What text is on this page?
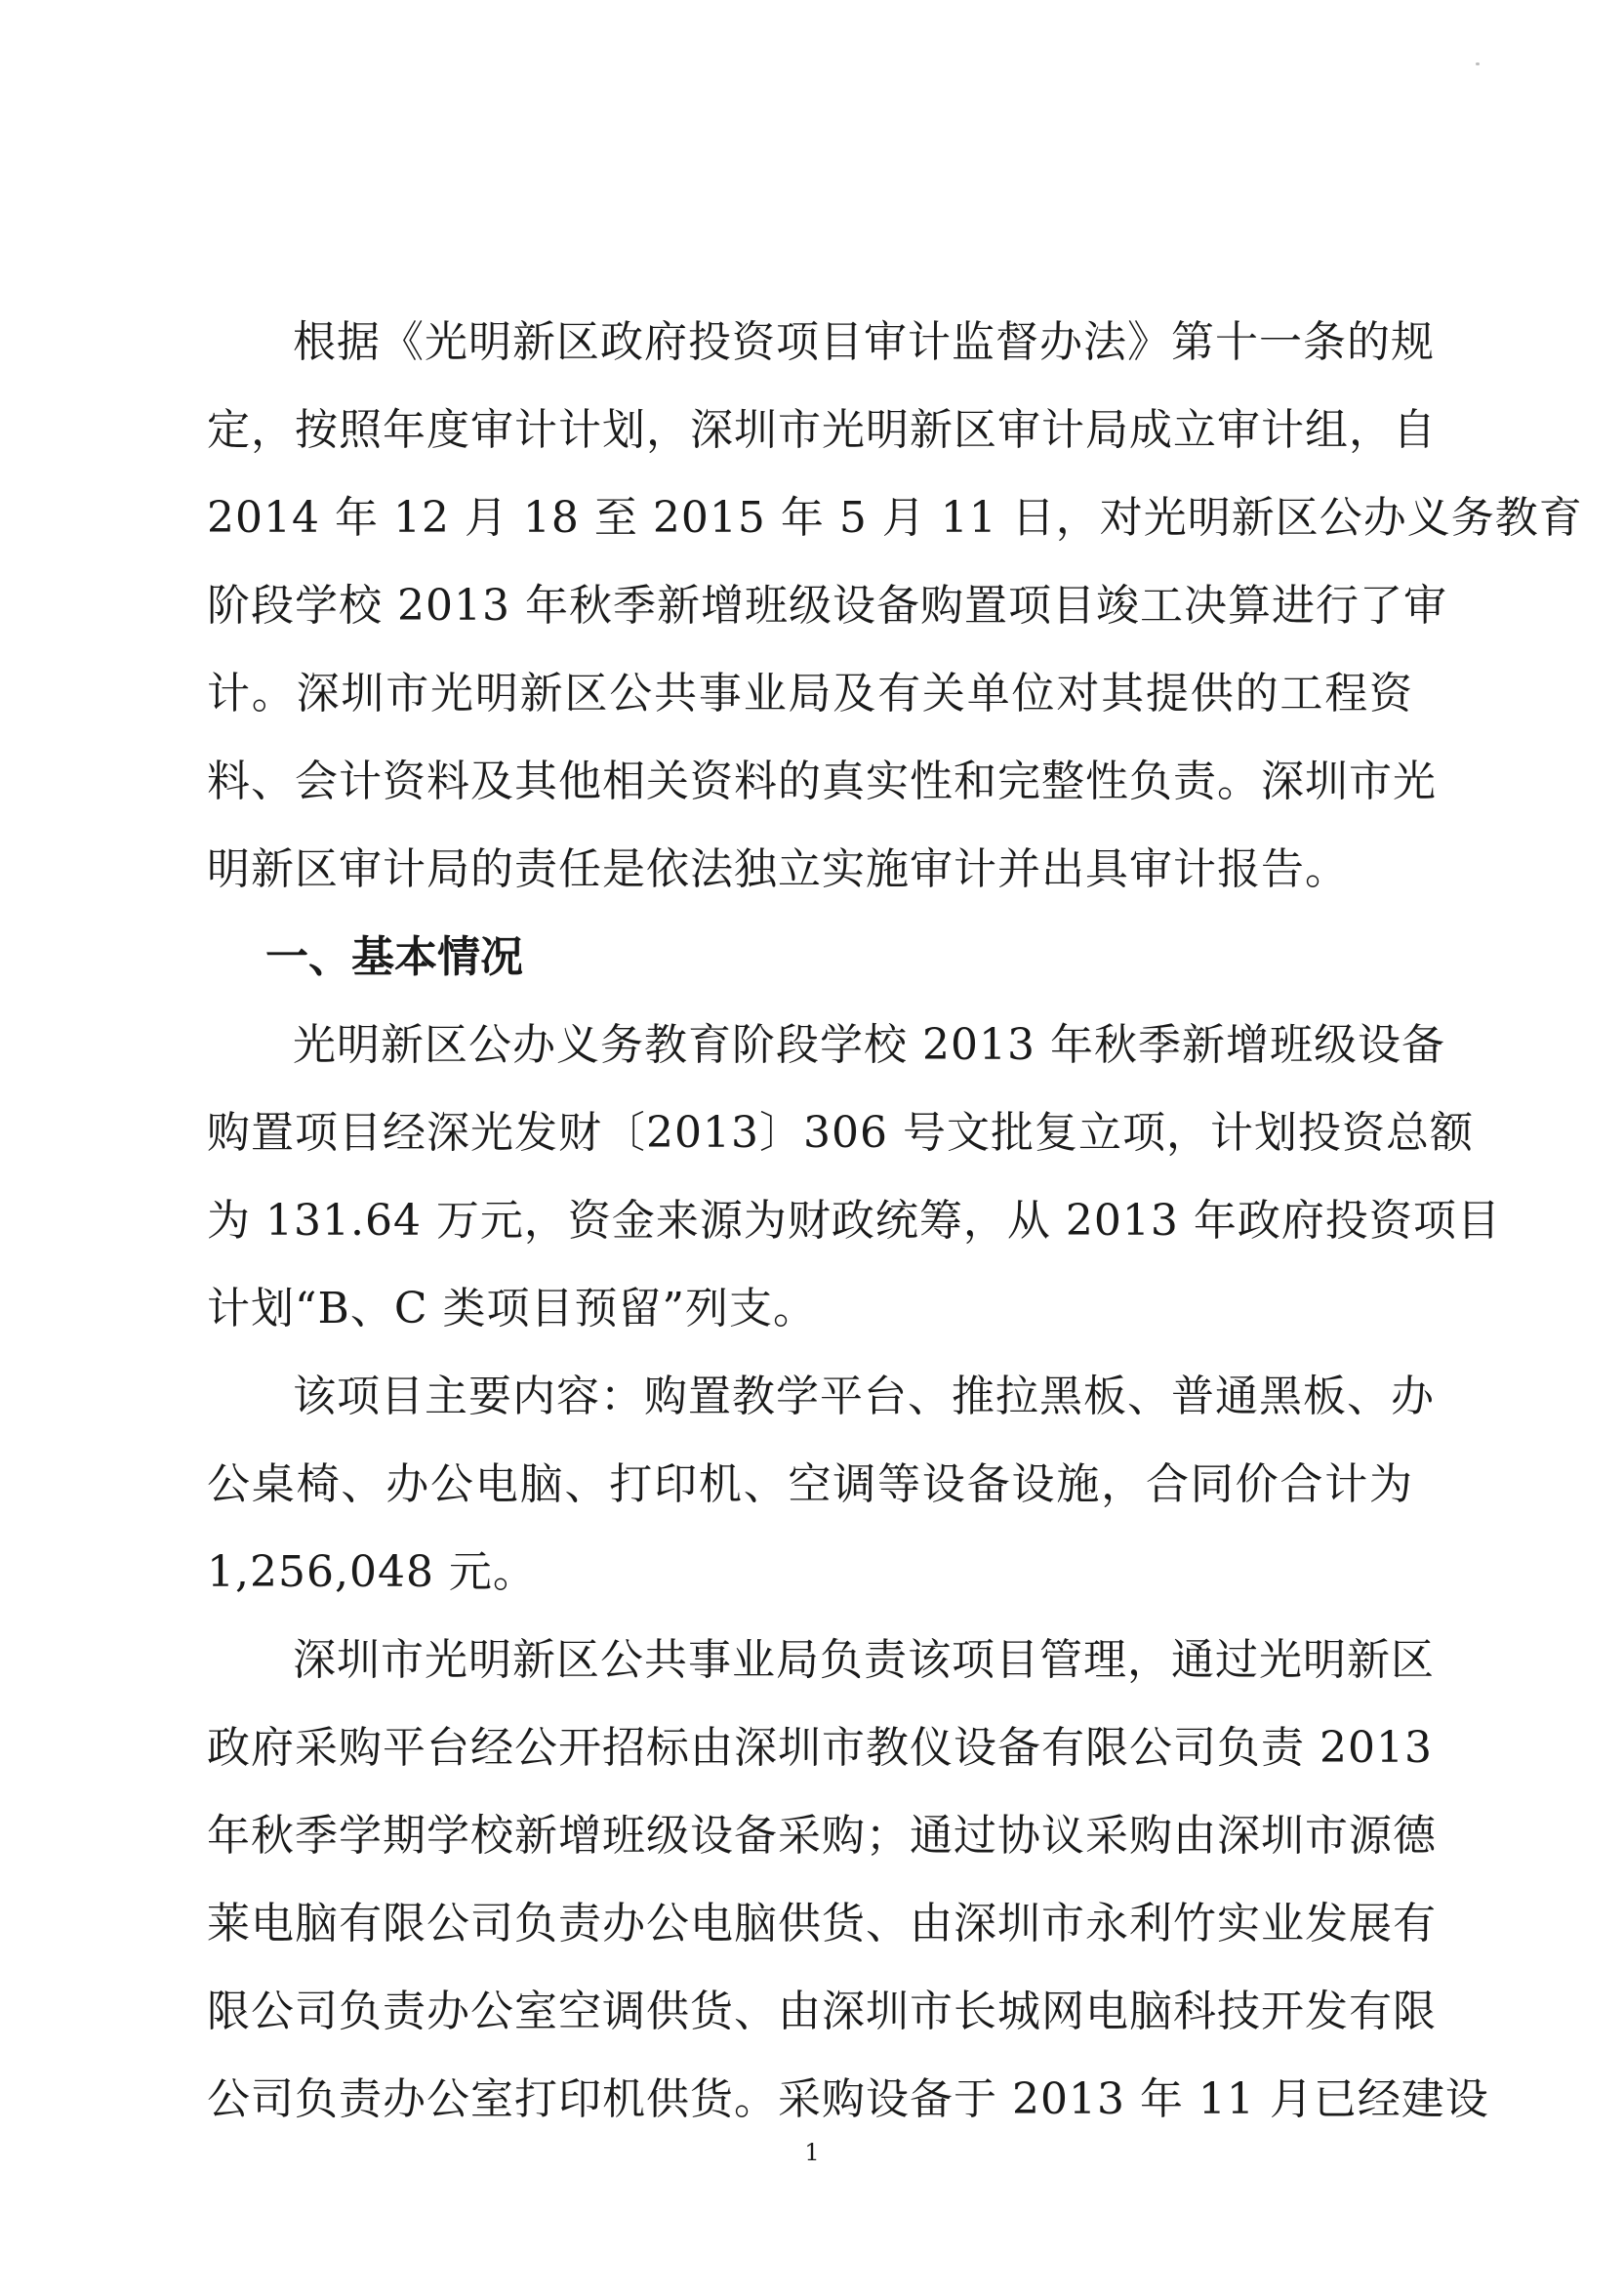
根据《光明新区政府投资项目审计监督办法》第十一条的规
定，按照年度审计计划，深圳市光明新区审计局成立审计组，自
2014 年 12 月 18 至 2015 年 5 月 11 日，对光明新区公办义务教育
阶段学校 2013 年秋季新增班级设备购置项目竣工决算进行了审
计。深圳市光明新区公共事业局及有关单位对其提供的工程资
料、会计资料及其他相关资料的真实性和完整性负责。深圳市光
明新区审计局的责任是依法独立实施审计并出具审计报告。
一、基本情况
光明新区公办义务教育阶段学校 2013 年秋季新增班级设备
购置项目经深光发财〔2013〕306 号文批复立项，计划投资总额
为 131.64 万元，资金来源为财政统筹，从 2013 年政府投资项目
计划“B、C 类项目预留”列支。
该项目主要内容：购置教学平台、推拉黑板、普通黑板、办
公桌椅、办公电脑、打印机、空调等设备设施，合同价合计为
1,256,048 元。
深圳市光明新区公共事业局负责该项目管理，通过光明新区
政府采购平台经公开招标由深圳市教仪设备有限公司负责 2013
年秋季学期学校新增班级设备采购；通过协议采购由深圳市源德
莱电脑有限公司负责办公电脑供货、由深圳市永利竹实业发展有
限公司负责办公室空调供货、由深圳市长城网电脑科技开发有限
公司负责办公室打印机供货。采购设备于 2013 年 11 月已经建设
1
